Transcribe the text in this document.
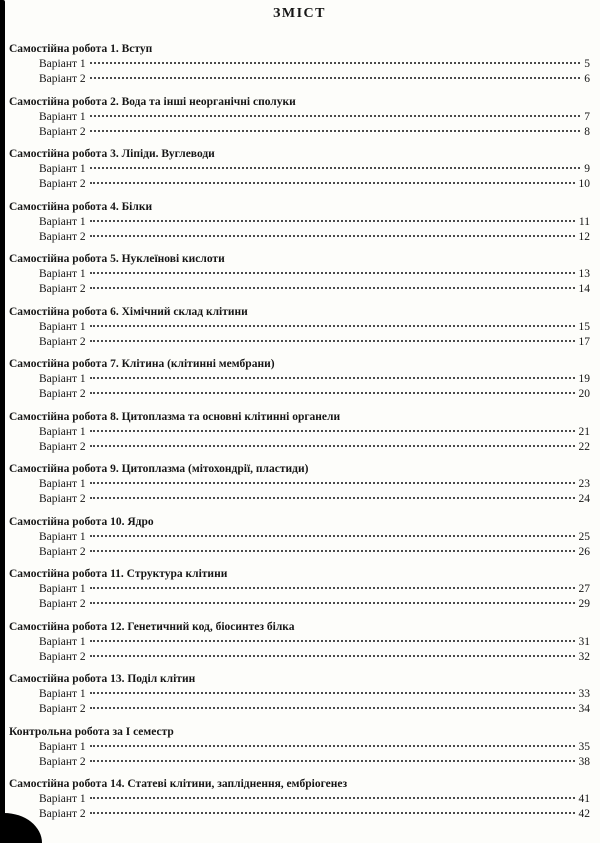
ЗМІСТ
Самостійна робота 1. Вступ
Варіант 1	5
Варіант 2	6
Самостійна робота 2. Вода та інші неорганічні сполуки
Варіант 1	7
Варіант 2	8
Самостійна робота 3. Ліпіди. Вуглеводи
Варіант 1	9
Варіант 2	10
Самостійна робота 4. Білки
Варіант 1	11
Варіант 2	12
Самостійна робота 5. Нуклеїнові кислоти
Варіант 1	13
Варіант 2	14
Самостійна робота 6. Хімічний склад клітини
Варіант 1	15
Варіант 2	17
Самостійна робота 7. Клітина (клітинні мембрани)
Варіант 1	19
Варіант 2	20
Самостійна робота 8. Цитоплазма та основні клітинні органели
Варіант 1	21
Варіант 2	22
Самостійна робота 9. Цитоплазма (мітохондрії, пластиди)
Варіант 1	23
Варіант 2	24
Самостійна робота 10. Ядро
Варіант 1	25
Варіант 2	26
Самостійна робота 11. Структура клітини
Варіант 1	27
Варіант 2	29
Самостійна робота 12. Генетичний код, біосинтез білка
Варіант 1	31
Варіант 2	32
Самостійна робота 13. Поділ клітин
Варіант 1	33
Варіант 2	34
Контрольна робота за І семестр
Варіант 1	35
Варіант 2	38
Самостійна робота 14. Статеві клітини, запліднення, ембріогенез
Варіант 1	41
Варіант 2	42
